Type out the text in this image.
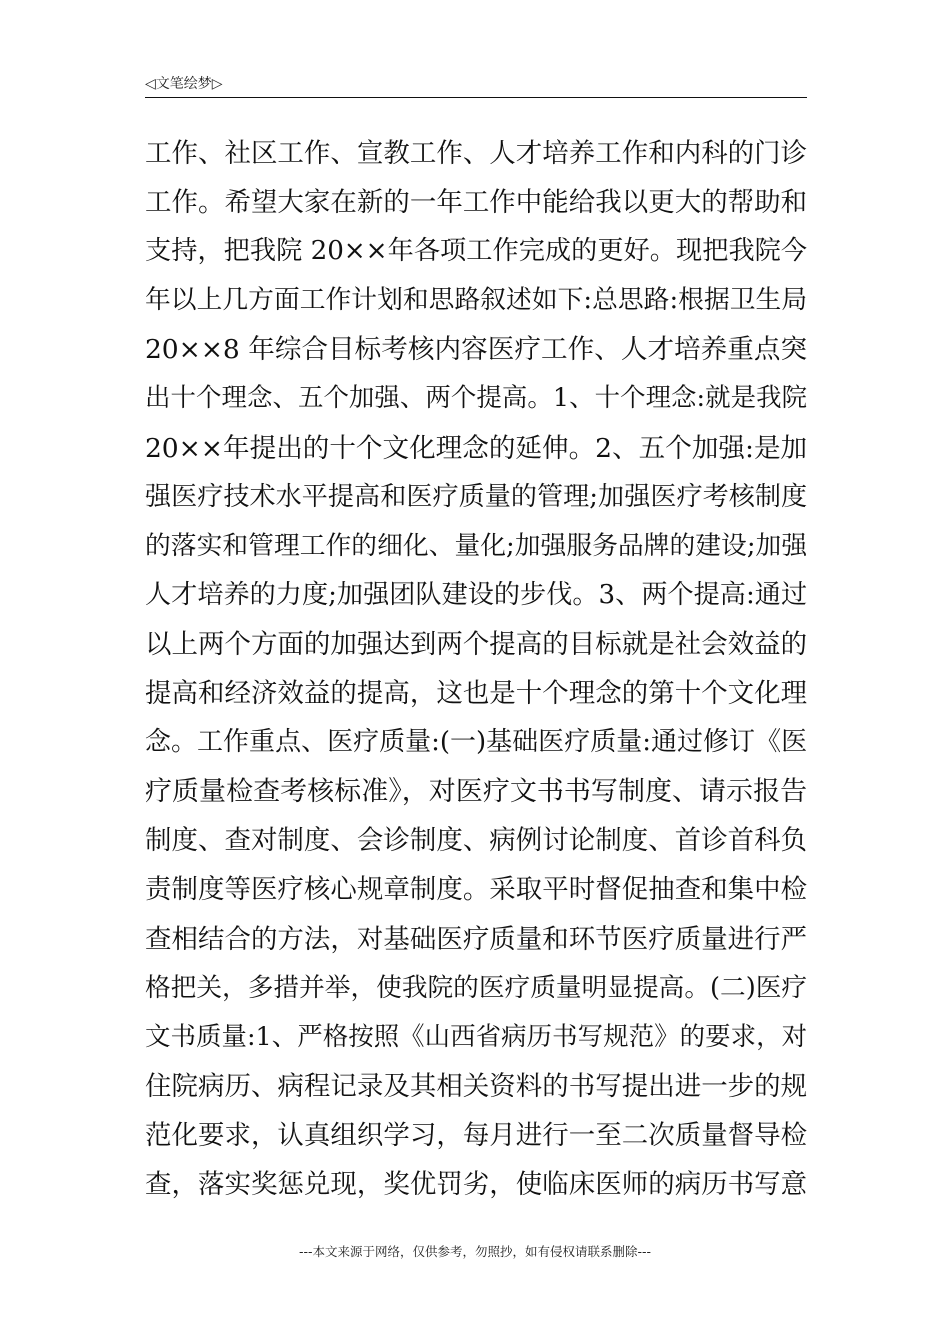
◁文笔绘梦▷
工作、社区工作、宣教工作、人才培养工作和内科的门诊
工作。希望大家在新的一年工作中能给我以更大的帮助和
支持，把我院 20××年各项工作完成的更好。现把我院今
年以上几方面工作计划和思路叙述如下:总思路:根据卫生局
20××8 年综合目标考核内容医疗工作、人才培养重点突
出十个理念、五个加强、两个提高。1、十个理念:就是我院
20××年提出的十个文化理念的延伸。2、五个加强:是加
强医疗技术水平提高和医疗质量的管理;加强医疗考核制度
的落实和管理工作的细化、量化;加强服务品牌的建设;加强
人才培养的力度;加强团队建设的步伐。3、两个提高:通过
以上两个方面的加强达到两个提高的目标就是社会效益的
提高和经济效益的提高，这也是十个理念的第十个文化理
念。工作重点、医疗质量:(一)基础医疗质量:通过修订《医
疗质量检查考核标准》，对医疗文书书写制度、请示报告
制度、查对制度、会诊制度、病例讨论制度、首诊首科负
责制度等医疗核心规章制度。采取平时督促抽查和集中检
查相结合的方法，对基础医疗质量和环节医疗质量进行严
格把关，多措并举，使我院的医疗质量明显提高。(二)医疗
文书质量:1、严格按照《山西省病历书写规范》的要求，对
住院病历、病程记录及其相关资料的书写提出进一步的规
范化要求，认真组织学习，每月进行一至二次质量督导检
查，落实奖惩兑现，奖优罚劣，使临床医师的病历书写意
---本文来源于网络，仅供参考，勿照抄，如有侵权请联系删除---
